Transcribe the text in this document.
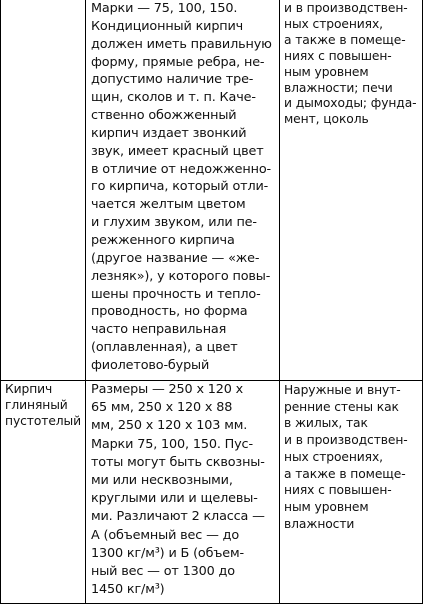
Марки — 75, 100, 150.
Кондиционный кирпич
должен иметь правильную
форму, прямые ребра, не-
допустимо наличие тре-
щин, сколов и т. п. Каче-
ственно обожженный
кирпич издает звонкий
звук, имеет красный цвет
в отличие от недожженно-
го кирпича, который отли-
чается желтым цветом
и глухим звуком, или пе-
режженного кирпича
(другое название — «же-
лезняк»), у которого повы-
шены прочность и тепло-
проводность, но форма
часто неправильная
(оплавленная), а цвет
фиолетово-бурый
и в производствен-
ных строениях,
а также в помеще-
ниях с повышен-
ным уровнем
влажности; печи
и дымоходы; фунда-
мент, цоколь
Кирпич
глиняный
пустотелый
Размеры — 250 x 120 x
65 мм, 250 x 120 x 88
мм, 250 x 120 x 103 мм.
Марки 75, 100, 150. Пус-
тоты могут быть сквозны-
ми или несквозными,
круглыми или и щелевы-
ми. Различают 2 класса —
А (объемный вес — до
1300 кг/м³) и Б (объем-
ный вес — от 1300 до
1450 кг/м³)
Наружные и внут-
ренние стены как
в жилых, так
и в производствен-
ных строениях,
а также в помеще-
ниях с повышен-
ным уровнем
влажности
